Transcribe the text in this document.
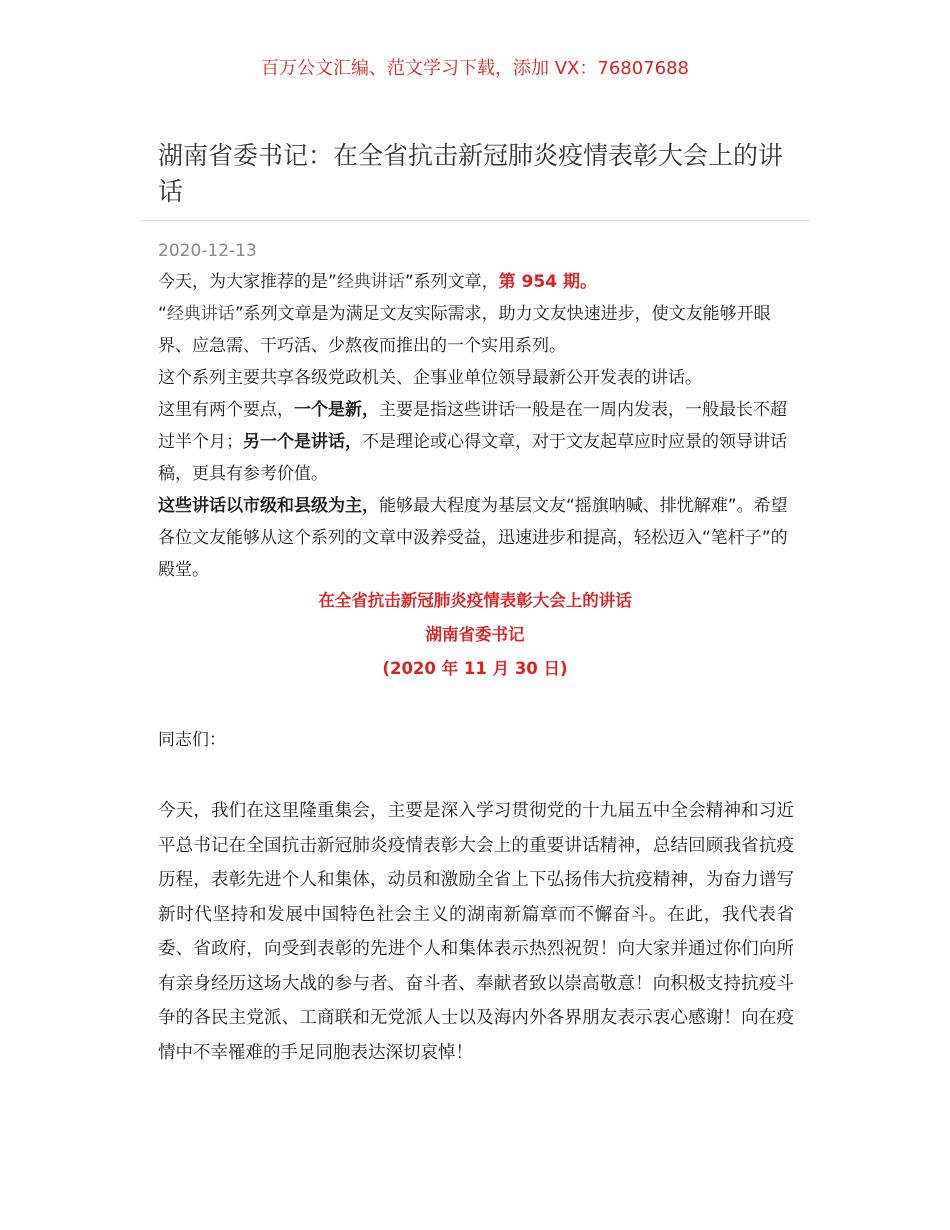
百万公文汇编、范文学习下载，添加 VX：76807688
湖南省委书记：在全省抗击新冠肺炎疫情表彰大会上的讲话
2020-12-13

今天，为大家推荐的是”经典讲话”系列文章，第 954 期。

“经典讲话”系列文章是为满足文友实际需求，助力文友快速进步，使文友能够开眼界、应急需、干巧活、少熬夜而推出的一个实用系列。

这个系列主要共享各级党政机关、企事业单位领导最新公开发表的讲话。

这里有两个要点，一个是新，主要是指这些讲话一般是在一周内发表，一般最长不超过半个月；另一个是讲话，不是理论或心得文章，对于文友起草应时应景的领导讲话稿，更具有参考价值。

这些讲话以市级和县级为主，能够最大程度为基层文友“摇旗呐喊、排忧解难”。希望各位文友能够从这个系列的文章中汲养受益，迅速进步和提高，轻松迈入“笔杆子”的殿堂。

在全省抗击新冠肺炎疫情表彰大会上的讲话
湖南省委书记
(2020 年 11 月 30 日)
同志们：

今天，我们在这里隆重集会，主要是深入学习贯彻党的十九届五中全会精神和习近平总书记在全国抗击新冠肺炎疫情表彰大会上的重要讲话精神，总结回顾我省抗疫历程，表彰先进个人和集体，动员和激励全省上下弘扬伟大抗疫精神，为奋力谱写新时代坚持和发展中国特色社会主义的湖南新篇章而不懈奋斗。在此，我代表省委、省政府，向受到表彰的先进个人和集体表示热烈祝贺！向大家并通过你们向所有亲身经历这场大战的参与者、奋斗者、奉献者致以崇高敬意！向积极支持抗疫斗争的各民主党派、工商联和无党派人士以及海内外各界朋友表示衷心感谢！向在疫情中不幸罹难的手足同胞表达深切哀悼！
